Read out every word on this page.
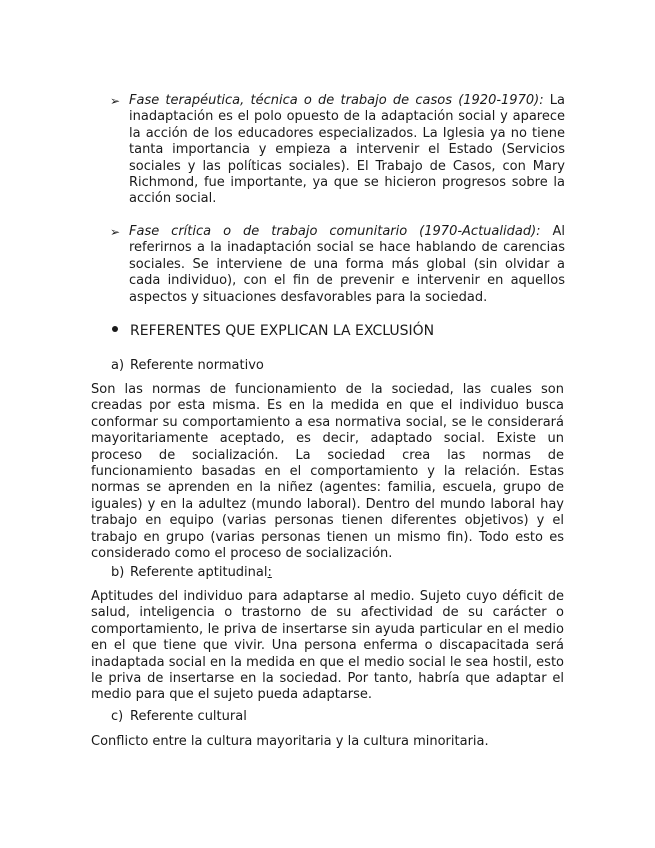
➢ Fase terapéutica, técnica o de trabajo de casos (1920-1970): La inadaptación es el polo opuesto de la adaptación social y aparece la acción de los educadores especializados. La Iglesia ya no tiene tanta importancia y empieza a intervenir el Estado (Servicios sociales y las políticas sociales). El Trabajo de Casos, con Mary Richmond, fue importante, ya que se hicieron progresos sobre la acción social.
➢ Fase crítica o de trabajo comunitario (1970-Actualidad): Al referirnos a la inadaptación social se hace hablando de carencias sociales. Se interviene de una forma más global (sin olvidar a cada individuo), con el fin de prevenir e intervenir en aquellos aspectos y situaciones desfavorables para la sociedad.
REFERENTES QUE EXPLICAN LA EXCLUSIÓN
a) Referente normativo
Son las normas de funcionamiento de la sociedad, las cuales son creadas por esta misma. Es en la medida en que el individuo busca conformar su comportamiento a esa normativa social, se le considerará mayoritariamente aceptado, es decir, adaptado social. Existe un proceso de socialización. La sociedad crea las normas de funcionamiento basadas en el comportamiento y la relación. Estas normas se aprenden en la niñez (agentes: familia, escuela, grupo de iguales) y en la adultez (mundo laboral). Dentro del mundo laboral hay trabajo en equipo (varias personas tienen diferentes objetivos) y el trabajo en grupo (varias personas tienen un mismo fin). Todo esto es considerado como el proceso de socialización.
b) Referente aptitudinal:
Aptitudes del individuo para adaptarse al medio. Sujeto cuyo déficit de salud, inteligencia o trastorno de su afectividad de su carácter o comportamiento, le priva de insertarse sin ayuda particular en el medio en el que tiene que vivir. Una persona enferma o discapacitada será inadaptada social en la medida en que el medio social le sea hostil, esto le priva de insertarse en la sociedad. Por tanto, habría que adaptar el medio para que el sujeto pueda adaptarse.
c) Referente cultural
Conflicto entre la cultura mayoritaria y la cultura minoritaria.
